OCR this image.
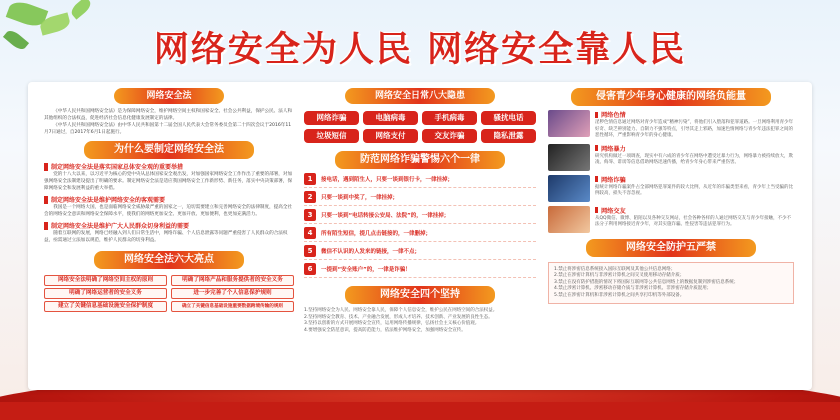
网络安全为人民 网络安全靠人民
网络安全法

《中华人民共和国网络安全法》是为保障网络安全，维护网络空间主权和国家安全、社会公共利益，保护公民、法人和其他组织的合法权益，促进经济社会信息化健康发展制定的法律。

《中华人民共和国网络安全法》由中华人民共和国第十二届全国人民代表大会常务委员会第二十四次会议于2016年11月7日通过，自2017年6月1日起施行。

为什么要制定网络安全法
制定网络安全法是落实国家总体安全观的重要举措

党的十八大以来，以习近平为核心的党中央从总体国家安全观出发，对加强国家网络安全工作作出了重要的部署，对加强网络安全法制建设提出了明确的要求。制定网络安全法是适应我国网络安全工作新形势、新任务，落实中央决策部署，保障网络安全和发展利益的重大举措。

制定网络安全法是维护网络安全的客观需要

我国是一个网络大国，也是面临网络安全威胁最严重的国家之一，迫切需要建立和完善网络安全的法律制度，提高全社会的网络安全意识和网络安全保障水平，使我们的网络更加安全、更加开放、更加便利，也更加充满活力。

制定网络安全法是维护广大人民群众切身利益的需要

随着互联网的发展，网络已经融入到人们日常生活中，网络诈骗、个人信息泄露等问题严重侵害了人民群众的合法权益，亟需通过立法加以规范，维护人民群众的切身利益。

网络安全法六大亮点
网络安全法明确了网络空间主权的原则	明确了网络产品和服务提供者的安全义务
明确了网络运营者的安全义务	进一步完善了个人信息保护规则
建立了关键信息基础设施安全保护制度	确立了关键信息基础设施重要数据跨境传输的规则
网络安全日常八大隐患
网络诈骗	电脑病毒	手机病毒	骚扰电话
垃圾短信	网络支付	交友诈骗	隐私泄露
防范网络诈骗警惕六个一律
1	接电话，遇到陌生人，只要一谈到银行卡，一律挂掉；
2	只要一谈到中奖了，一律挂掉；
3	只要一谈到“电话转接公安局、法院”的，一律挂掉；
4	所有陌生短信，提几点击链接的，一律删掉；
5	微信不认识的人发来的链接，一律不点；
6	一提到“安全账户”的，一律是诈骗！
网络安全四个坚持

1.坚持网络安全为人民、网络安全靠人民，保障个人信息安全，维护公民在网络空间的合法权益。

2.坚持网络安全教育、技术、产业融合发展，形成人才培养、技术创新、产业发展的良性生态。

3.坚持以创新的方式开展网络安全宣传，运用网络传播规律，弘扬社会主义核心价值观。

4.要增强安全防范意识，提高防范能力，依法维护网络安全，加强网络安全宣传。

侵害青少年身心健康的网络负能量
网络色情

淫秽色情信息通过网络对青少年造成“精神污染”，将他们引入堕落和犯罪道路。一旦网络利用青少年好奇、缺乏辨别能力、自制力不强等特点，引导其走上邪路，加速色情网络与青少年违法犯罪之间的恶性循环，严重影响青少年的身心健康。

网络暴力

研究机构做过一项调查，现实中有六成的青少年在网络中遭受过暴力行为，网络暴力被持续放大，欺凌、侮辱、诽谤等信息借助网络迅速传播，给青少年身心带来严重伤害。

网络诈骗

据统计网络诈骗案件占全部网络犯罪案件的较大比例，从近年的诈骗类型来看，青少年上当受骗的比例较高，损失不容忽视。

网络交友

从QQ微信、微博、陌陌以及各种交友网站，社会各种各样的人通过网络交友与青少年接触，不少不法分子利用网络接近青少年，对其实施诈骗、性侵害等违法犯罪行为。

网络安全防护五严禁

1.禁止将涉密信息系统接入国际互联网及其他公共信息网络；

2.禁止在涉密计算机与非涉密计算机之间交叉使用移动存储介质；

3.禁止在没有防护措施的情况下将国际互联网等公共信息网络上的数据复制到涉密信息系统；

4.禁止涉密计算机、涉密移动存储介质与非涉密计算机、非涉密存储介质混用；

5.禁止在涉密计算机和非涉密计算机之间共享打印机等外部设备。
